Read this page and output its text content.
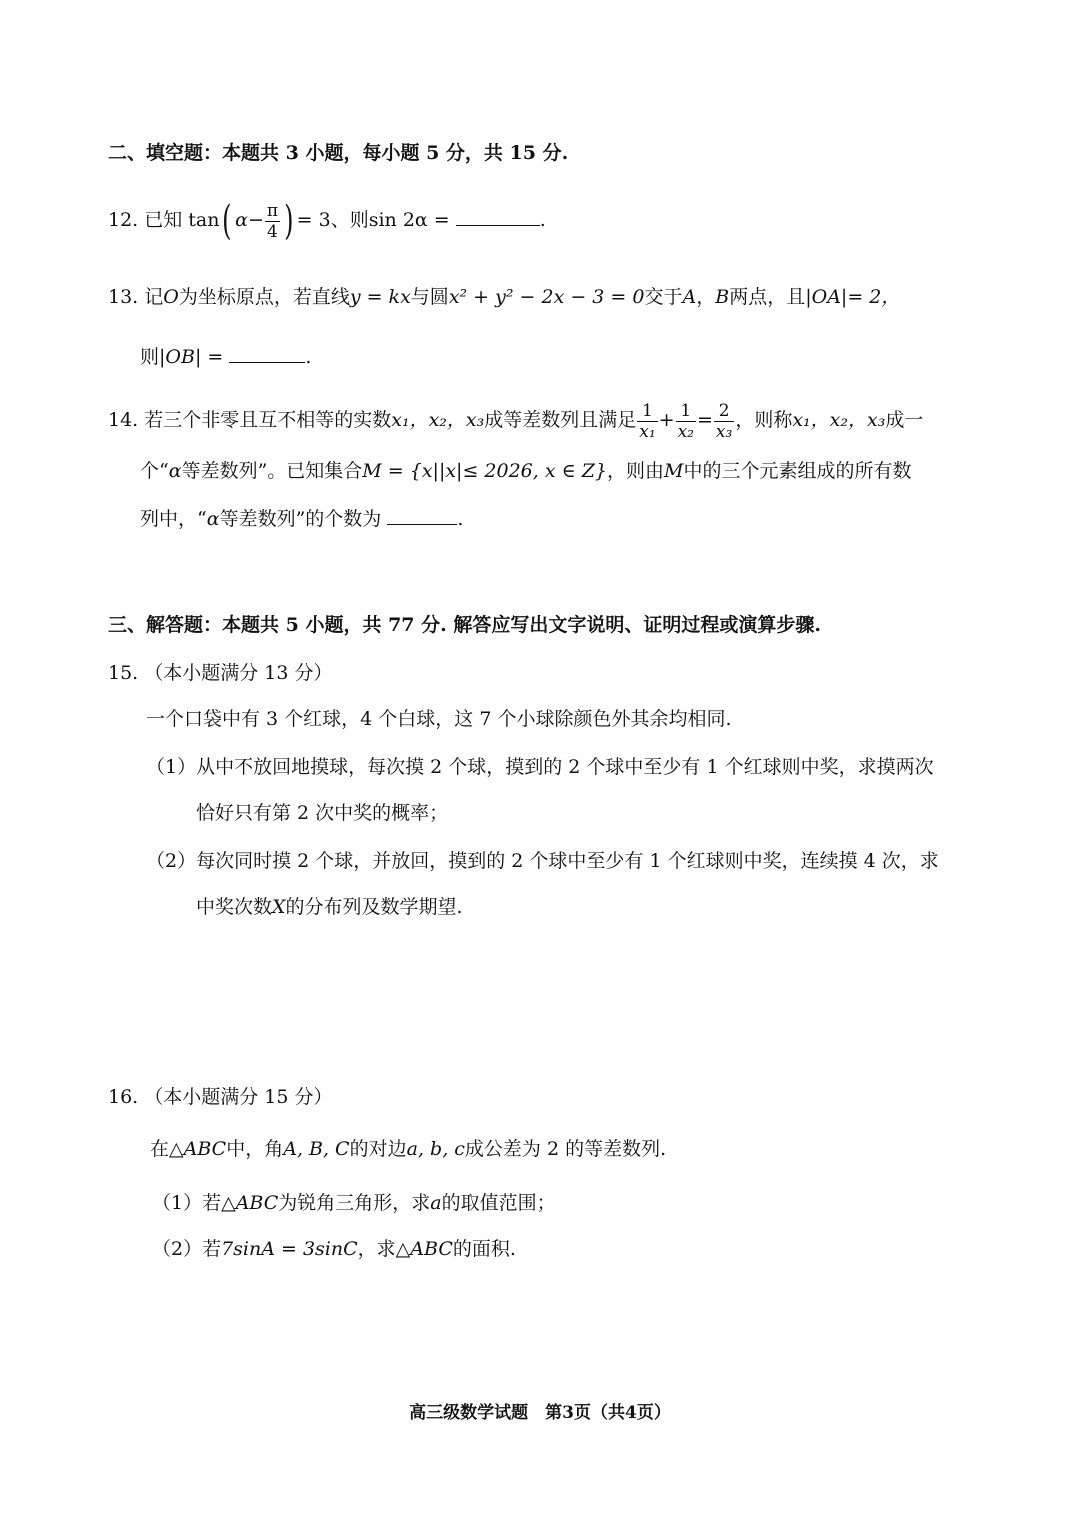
二、填空题：本题共 3 小题，每小题 5 分，共 15 分.
12. 已知 tan( $\alpha- \frac{\pi}{4}$ ) = 3、则sin 2α =	.
13. 记O为坐标原点，若直线y = kx与圆x² + y² − 2x − 3 = 0交于A，B两点，且|OA|= 2，
则|OB| =	.
14. 若三个非零且互不相等的实数x₁，x₂，x₃成等差数列且满足 $\frac{1}{\text{x₁}} + \frac{1}{\text{x₂}} = \frac{2}{\text{x₃}}$ ，则称x₁，x₂，x₃成一
个“α等差数列”。已知集合M = {x||x|≤ 2026, x ∈ Z}，则由M中的三个元素组成的所有数
列中，“α等差数列”的个数为	.
三、解答题：本题共 5 小题，共 77 分. 解答应写出文字说明、证明过程或演算步骤.
15. （本小题满分 13 分）
一个口袋中有 3 个红球，4 个白球，这 7 个小球除颜色外其余均相同.
（1）从中不放回地摸球，每次摸 2 个球，摸到的 2 个球中至少有 1 个红球则中奖，求摸两次
恰好只有第 2 次中奖的概率；
（2）每次同时摸 2 个球，并放回，摸到的 2 个球中至少有 1 个红球则中奖，连续摸 4 次，求
中奖次数X的分布列及数学期望.
16. （本小题满分 15 分）
在△ABC中，角A, B, C的对边a, b, c成公差为 2 的等差数列.
（1）若△ABC为锐角三角形，求a的取值范围；
（2）若7sinA = 3sinC，求△ABC的面积.
高三级数学试题　第3页（共4页）
